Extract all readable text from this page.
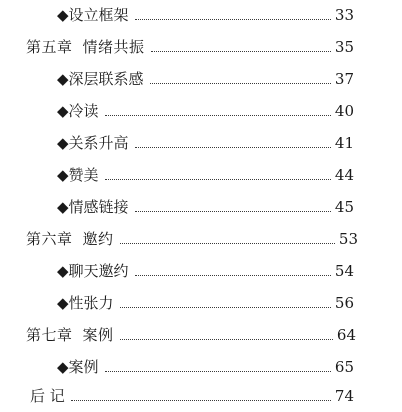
◆设立框架	33
第五章 情绪共振	35
◆深层联系感	37
◆冷读	40
◆关系升高	41
◆赞美	44
◆情感链接	45
第六章 邀约	53
◆聊天邀约	54
◆性张力	56
第七章 案例	64
◆案例	65
后 记	74
